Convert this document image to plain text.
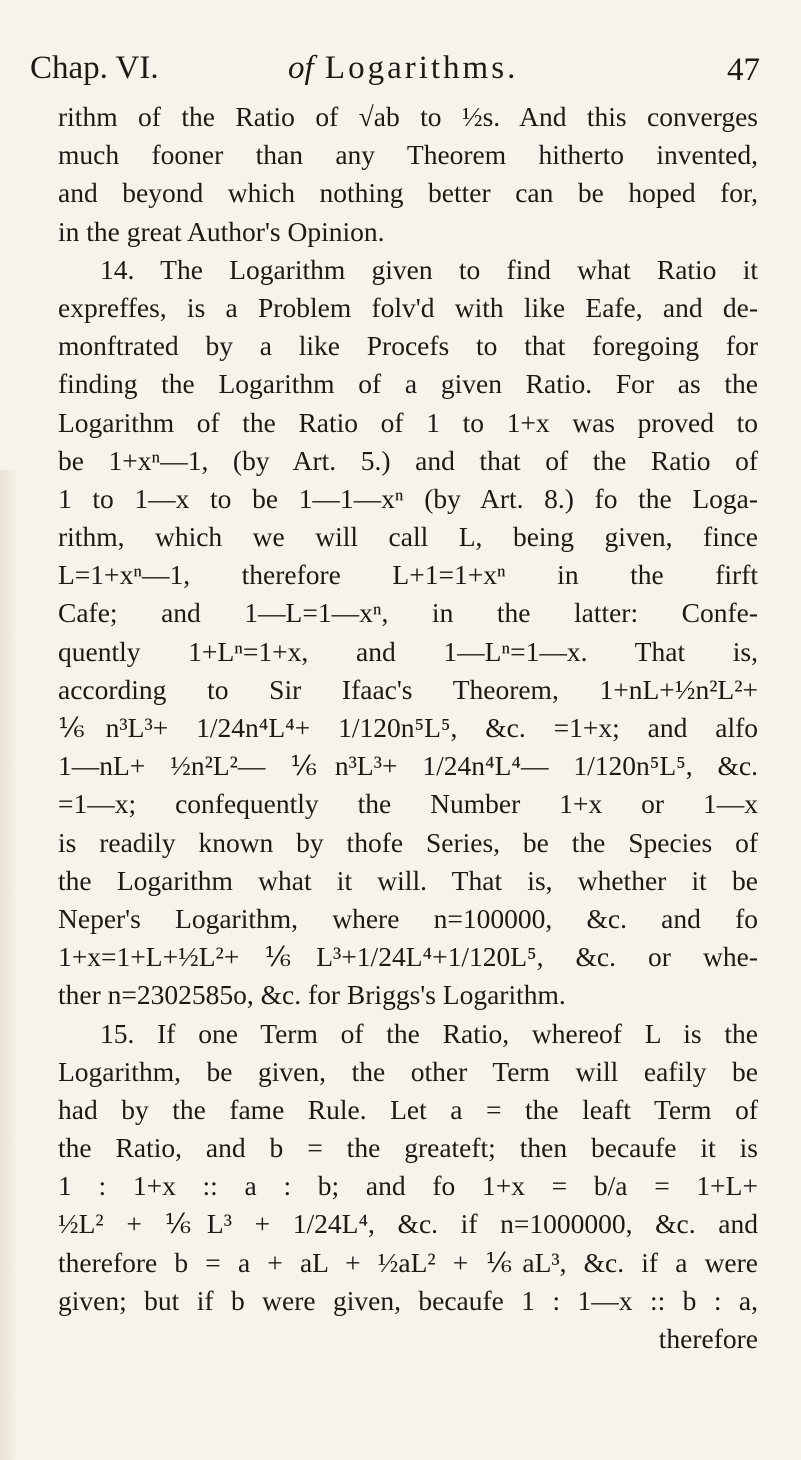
Chap. VI.	of Logarithms.	47
rithm of the Ratio of √ab to ½s. And this converges
much fooner than any Theorem hitherto invented,
and beyond which nothing better can be hoped for,
in the great Author's Opinion.
14. The Logarithm given to find what Ratio it
expreffes, is a Problem folv'd with like Eafe, and de-
monftrated by a like Procefs to that foregoing for
finding the Logarithm of a given Ratio. For as the
Logarithm of the Ratio of 1 to 1+x was proved to
be 1+xⁿ—1, (by Art. 5.) and that of the Ratio of
1 to 1—x to be 1—1—xⁿ (by Art. 8.) fo the Loga-
rithm, which we will call L, being given, fince
L=1+xⁿ—1, therefore L+1=1+xⁿ in the firft
Cafe; and 1—L=1—xⁿ, in the latter: Confe-
quently 1+Lⁿ=1+x, and 1—Lⁿ=1—x. That is,
according to Sir Ifaac's Theorem, 1+nL+½n²L²+
⅙n³L³+ 1/24n⁴L⁴+ 1/120n⁵L⁵, &c. =1+x; and alfo
1—nL+ ½n²L²— ⅙n³L³+ 1/24n⁴L⁴— 1/120n⁵L⁵, &c.
=1—x; confequently the Number 1+x or 1—x
is readily known by thofe Series, be the Species of
the Logarithm what it will. That is, whether it be
Neper's Logarithm, where n=100000, &c. and fo
1+x=1+L+½L²+⅙L³+1/24L⁴+1/120L⁵, &c. or whe-
ther n=2302585o, &c. for Briggs's Logarithm.
15. If one Term of the Ratio, whereof L is the
Logarithm, be given, the other Term will eafily be
had by the fame Rule. Let a = the leaft Term of
the Ratio, and b = the greateft; then becaufe it is
1 : 1+x :: a : b; and fo 1+x = b/a = 1+L+
½L² + ⅙L³ + 1/24L⁴, &c. if n=1000000, &c. and
therefore b = a + aL + ½aL² + ⅙aL³, &c. if a were
given; but if b were given, becaufe 1 : 1—x :: b : a,
therefore
